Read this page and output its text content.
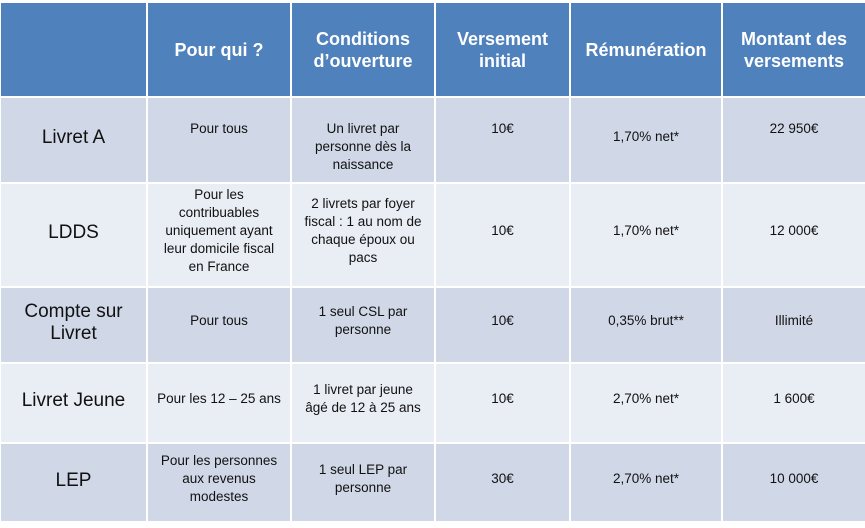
	Pour qui ?	Conditions d’ouverture	Versement initial	Rémunération	Montant des versements
Livret A	Pour tous	Un livret par personne dès la naissance	10€	1,70% net*	22 950€
LDDS	Pour les contribuables uniquement ayant leur domicile fiscal en France	2 livrets par foyer fiscal : 1 au nom de chaque époux ou pacs	10€	1,70% net*	12 000€
Compte sur Livret	Pour tous	1 seul CSL par personne	10€	0,35% brut**	Illimité
Livret Jeune	Pour les 12 – 25 ans	1 livret par jeune âgé de 12 à 25 ans	10€	2,70% net*	1 600€
LEP	Pour les personnes aux revenus modestes	1 seul LEP par personne	30€	2,70% net*	10 000€
